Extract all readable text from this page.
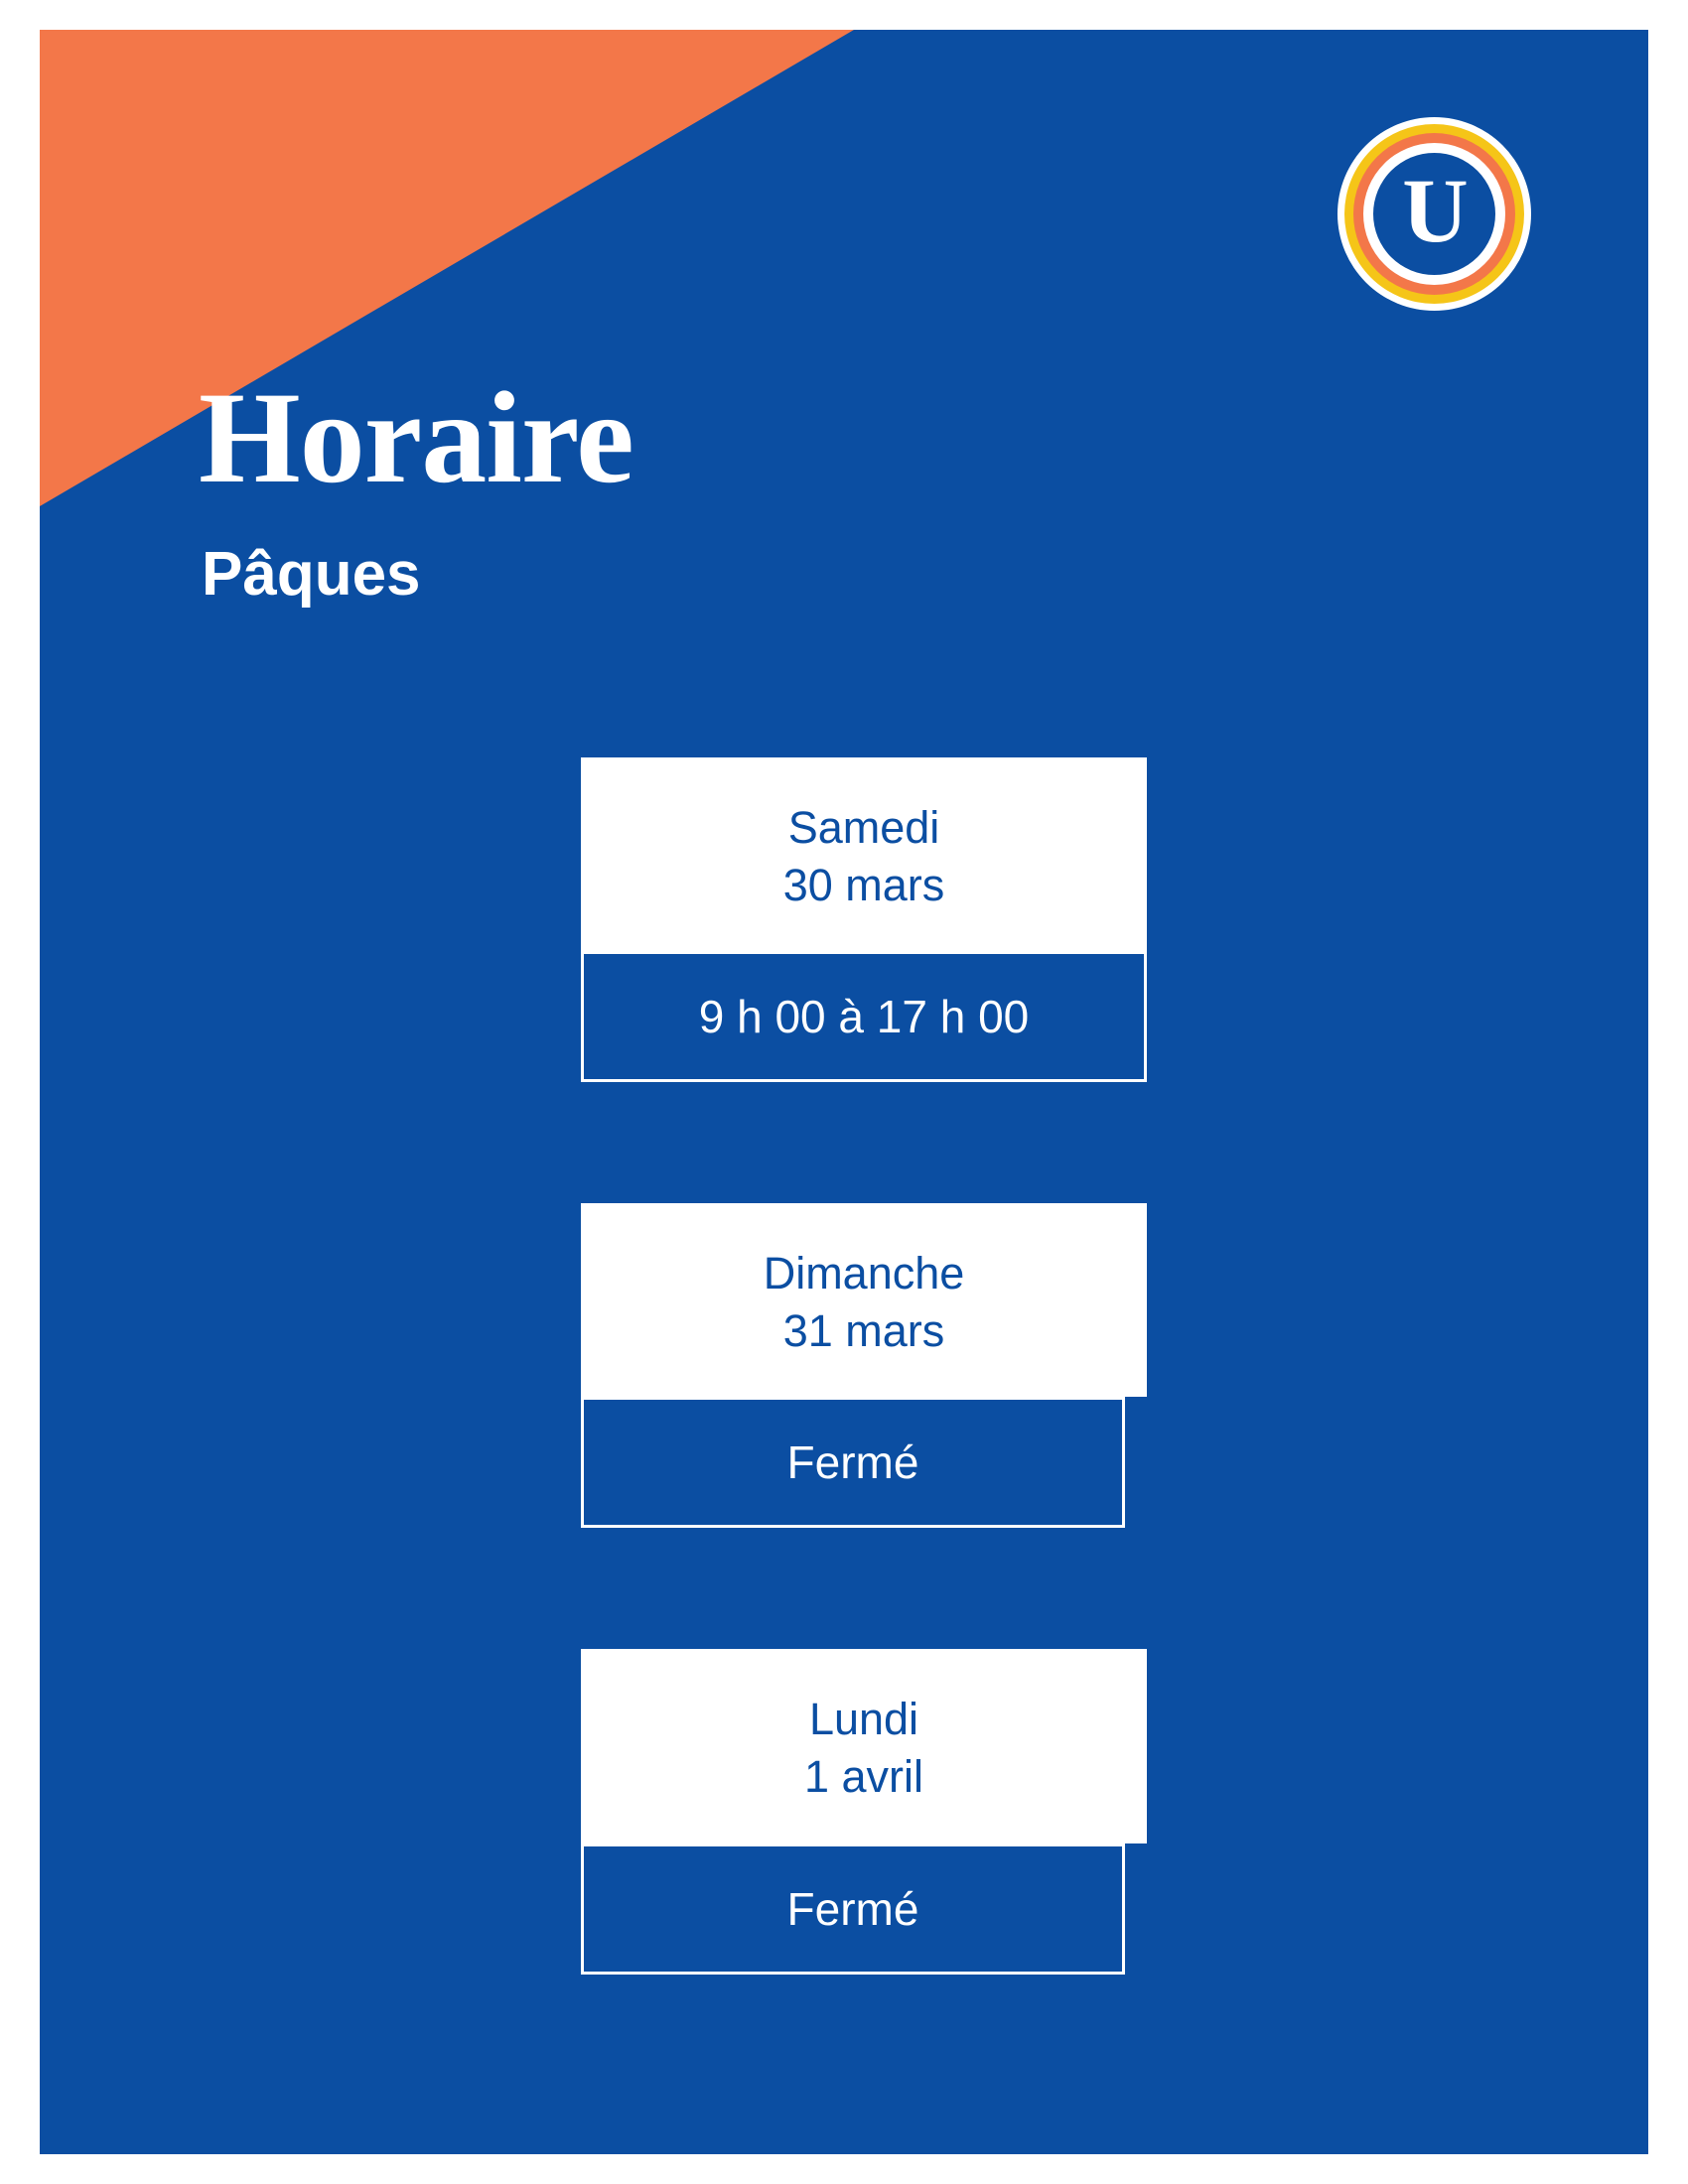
U
Horaire
Pâques
Samedi
30 mars
9 h 00 à 17 h 00
Dimanche
31 mars
Fermé
Lundi
1 avril
Fermé
